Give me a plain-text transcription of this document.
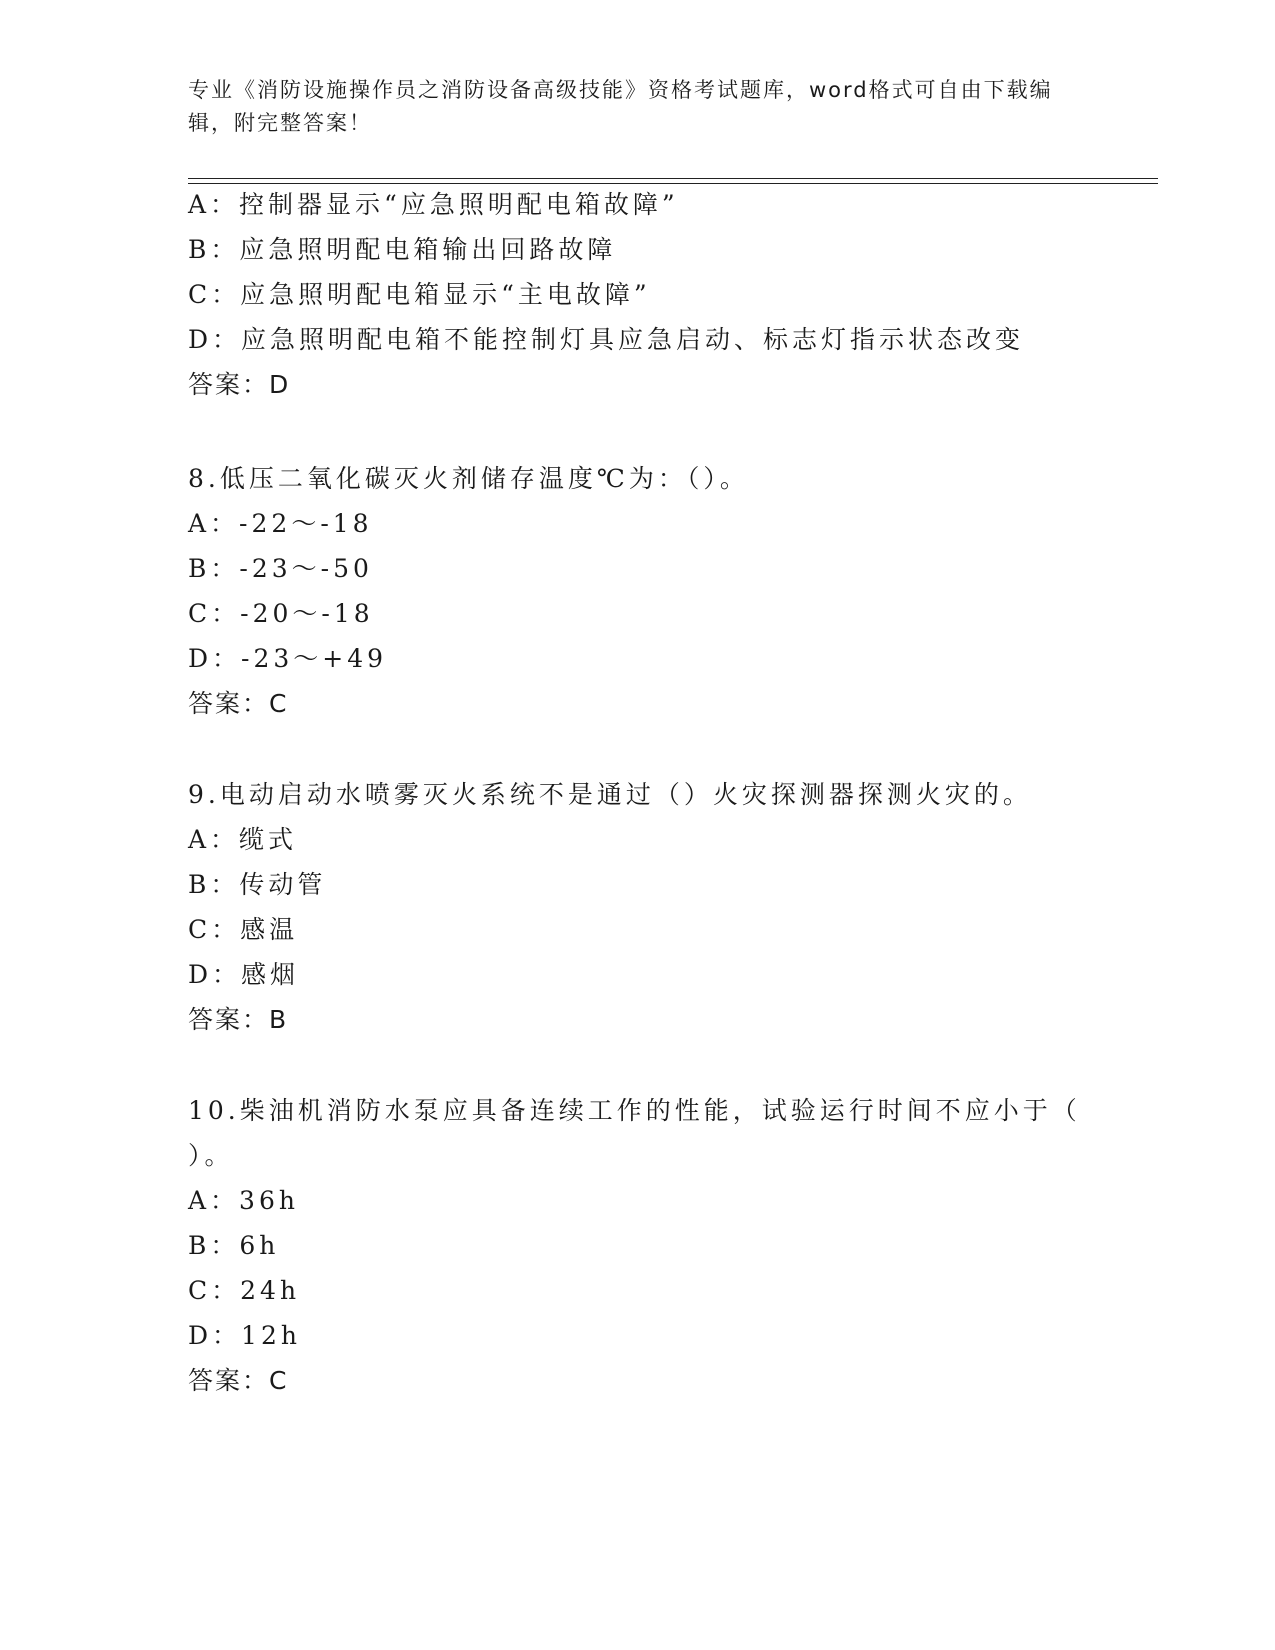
专业《消防设施操作员之消防设备高级技能》资格考试题库，word格式可自由下载编辑，附完整答案！
A：控制器显示“应急照明配电箱故障”
B：应急照明配电箱输出回路故障
C：应急照明配电箱显示“主电故障”
D：应急照明配电箱不能控制灯具应急启动、标志灯指示状态改变
答案：D
8.低压二氧化碳灭火剂储存温度℃为：（）。
A：-22～-18
B：-23～-50
C：-20～-18
D：-23～+49
答案：C
9.电动启动水喷雾灭火系统不是通过（）火灾探测器探测火灾的。
A：缆式
B：传动管
C：感温
D：感烟
答案：B
10.柴油机消防水泵应具备连续工作的性能，试验运行时间不应小于（
）。
A：36h
B：6h
C：24h
D：12h
答案：C
